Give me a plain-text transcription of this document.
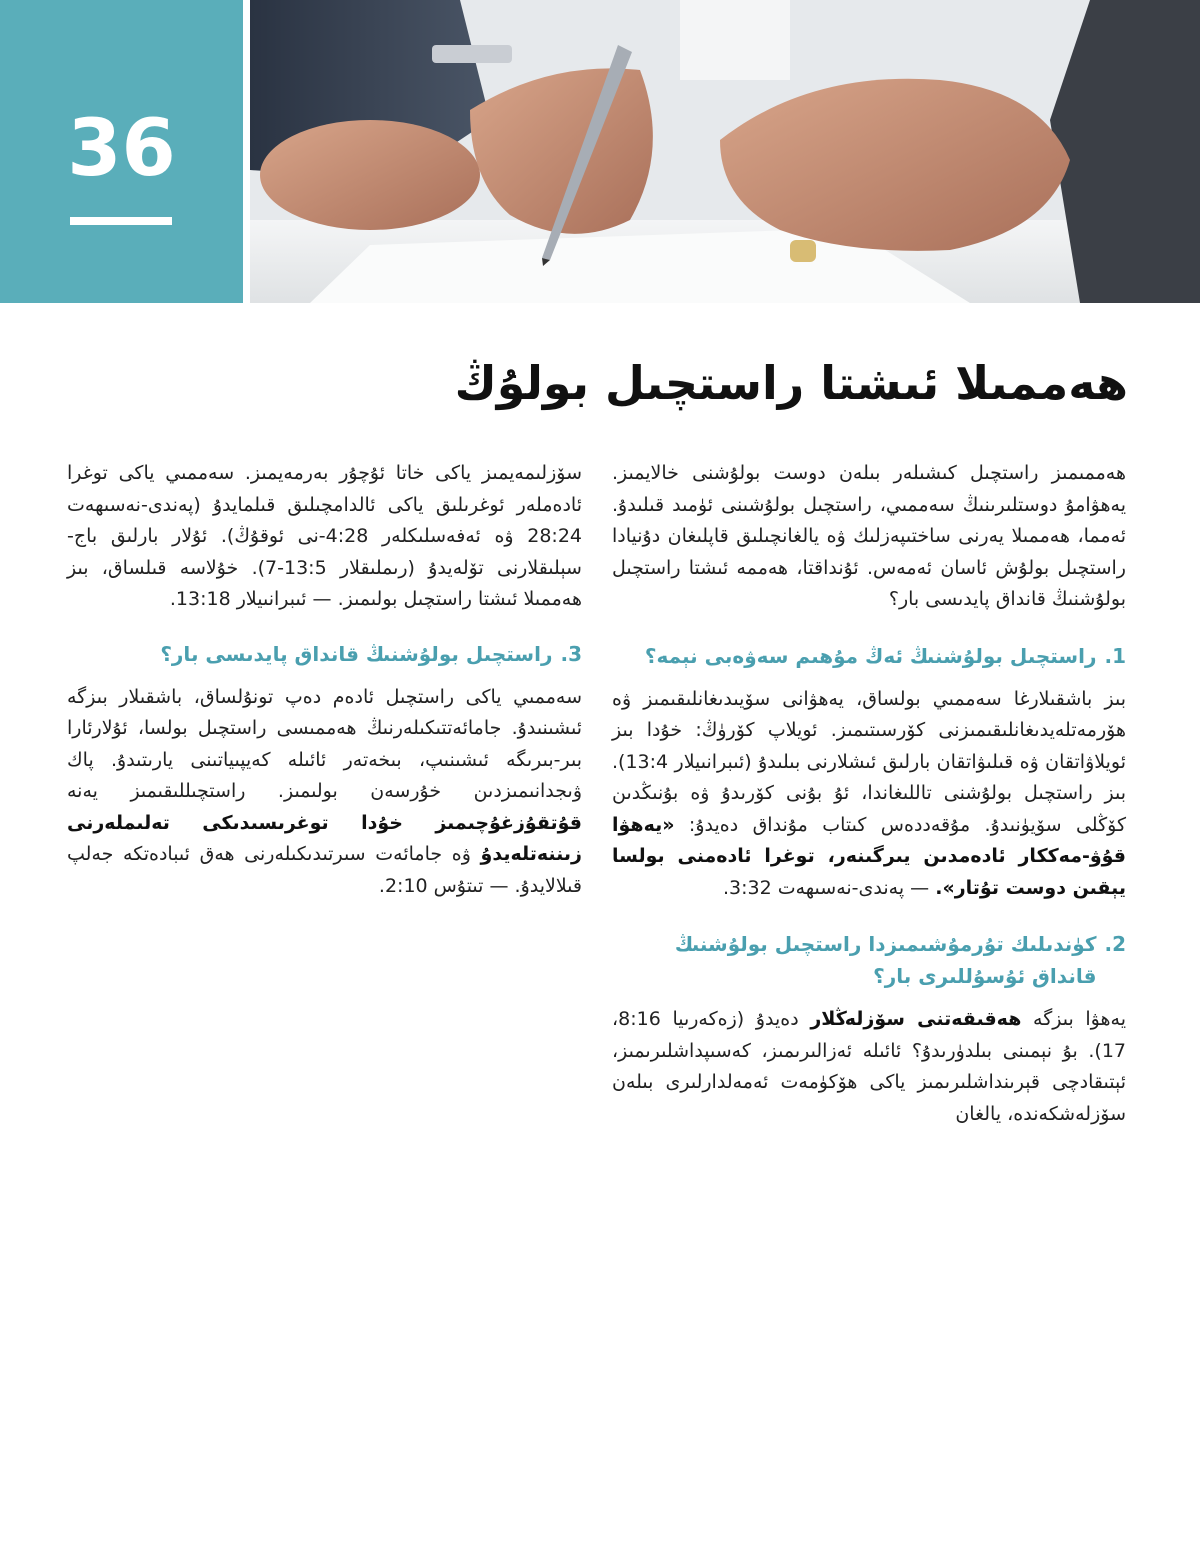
36
ھەممىلا ئىشتا راستچىل بولۇڭ

ھەممىمىز راستچىل كىشىلەر بىلەن دوست بولۇشنى خالايمىز. يەھۋامۇ دوستلىرىنىڭ سەممىي، راستچىل بولۇشىنى ئۈمىد قىلىدۇ. ئەمما، ھەممىلا يەرنى ساختىپەزلىك ۋە يالغانچىلىق قاپلىغان دۇنيادا راستچىل بولۇش ئاسان ئەمەس. ئۇنداقتا، ھەممە ئىشتا راستچىل بولۇشنىڭ قانداق پايدىسى بار؟

1.
راستچىل بولۇشنىڭ ئەڭ مۇھىم سەۋەبى نېمە؟

بىز باشقىلارغا سەممىي بولساق، يەھۋانى سۆيىدىغانلىقىمىز ۋە ھۆرمەتلەيدىغانلىقىمىزنى كۆرسىتىمىز. ئويلاپ كۆرۈڭ: خۇدا بىز ئويلاۋاتقان ۋە قىلىۋاتقان بارلىق ئىشلارنى بىلىدۇ (ئىبرانىيلار 13:4). بىز راستچىل بولۇشنى تاللىغاندا، ئۇ بۇنى كۆرىدۇ ۋە بۇنىڭدىن كۆڭلى سۆيۈنىدۇ. مۇقەددەس كىتاب مۇنداق دەيدۇ: «يەھۋا قۇۋ-مەككار ئادەمدىن يىرگىنەر، توغرا ئادەمنى بولسا يېقىن دوست تۇتار». — پەندى-نەسىھەت 3:32.

2.
كۈندىلىك تۇرمۇشىمىزدا راستچىل بولۇشنىڭ قانداق ئۇسۇللىرى بار؟

يەھۋا بىزگە ھەقىقەتنى سۆزلەڭلار دەيدۇ (زەكەرىيا 8:16، 17). بۇ نېمىنى بىلدۈرىدۇ؟ ئائىلە ئەزالىرىمىز، كەسىپداشلىرىمىز، ئېتىقادچى قېرىنداشلىرىمىز ياكى ھۆكۈمەت ئەمەلدارلىرى بىلەن سۆزلەشكەندە، يالغان

سۆزلىمەيمىز ياكى خاتا ئۇچۇر بەرمەيمىز. سەممىي ياكى توغرا ئادەملەر ئوغرىلىق ياكى ئالدامچىلىق قىلمايدۇ (پەندى-نەسىھەت 28:24 ۋە ئەفەسلىكلەر 4:28-نى ئوقۇڭ). ئۇلار بارلىق باج-سېلىقلارنى تۆلەيدۇ (رىملىقلار 13:5-7). خۇلاسە قىلساق، بىز ھەممىلا ئىشتا راستچىل بولىمىز. — ئىبرانىيلار 13:18.

3.
راستچىل بولۇشنىڭ قانداق پايدىسى بار؟

سەممىي ياكى راستچىل ئادەم دەپ تونۇلساق، باشقىلار بىزگە ئىشىنىدۇ. جامائەتتىكىلەرنىڭ ھەممىسى راستچىل بولسا، ئۇلارئارا بىر-بىرىگە ئىشىنىپ، بىخەتەر ئائىلە كەيپىياتىنى يارىتىدۇ. پاك ۋىجدانىمىزدىن خۇرسەن بولىمىز. راستچىللىقىمىز يەنە قۇتقۇزغۇچىمىز خۇدا توغرىسىدىكى تەلىملەرنى زىننەتلەيدۇ ۋە جامائەت سىرتىدىكىلەرنى ھەق ئىبادەتكە جەلپ قىلالايدۇ. — تىتۇس 2:10.
